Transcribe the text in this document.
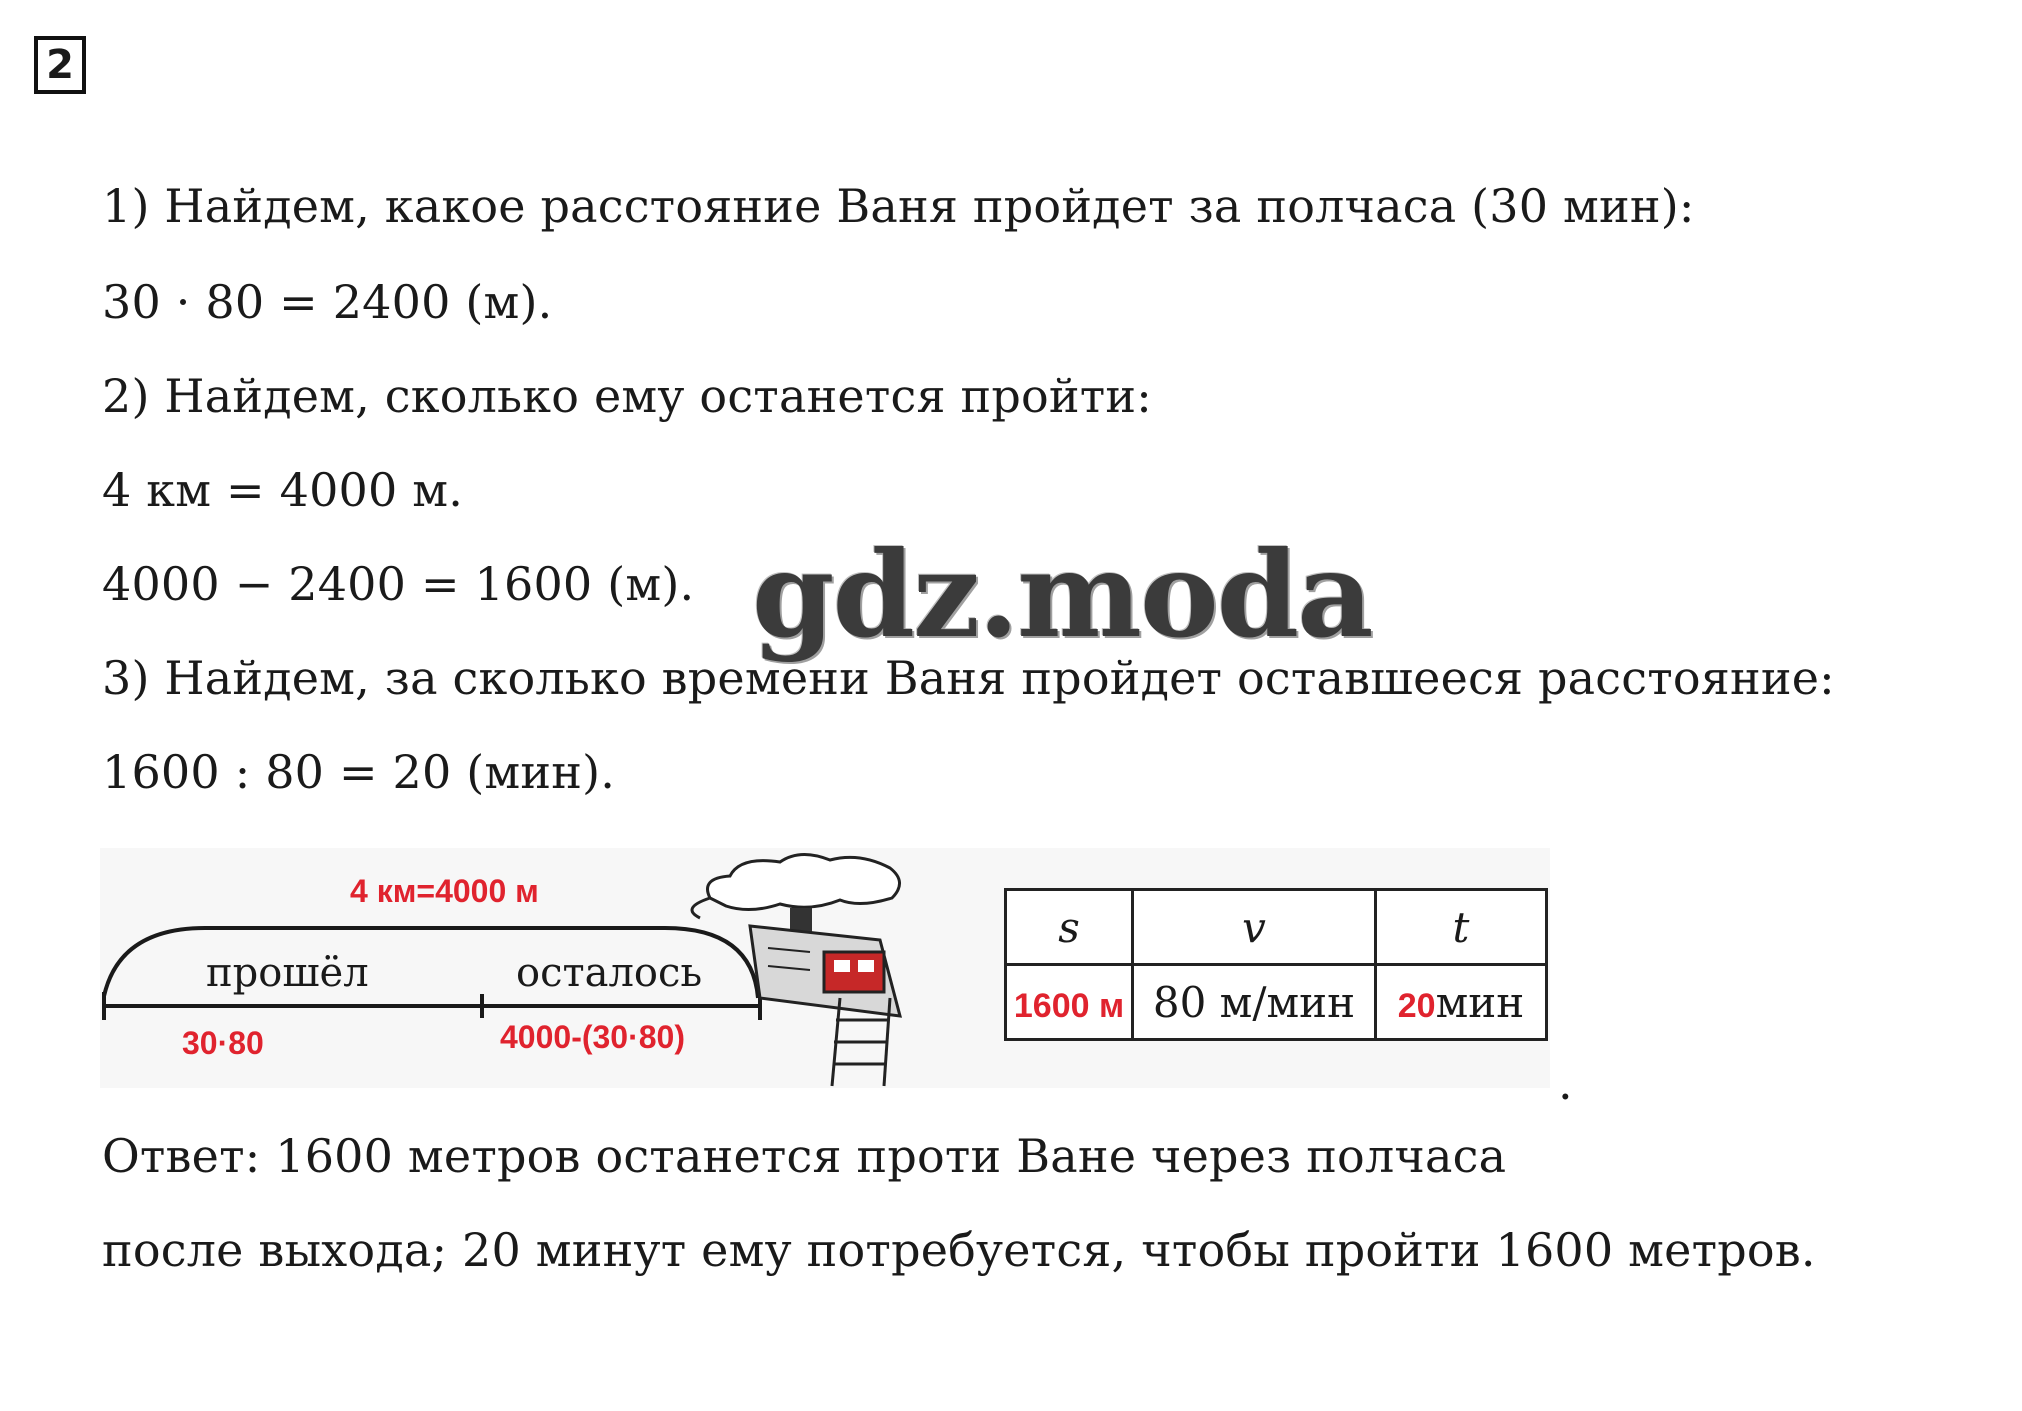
2
1) Найдем, какое расстояние Ваня пройдет за полчаса (30 мин):
30 · 80 = 2400 (м).
2) Найдем, сколько ему останется пройти:
4 км = 4000 м.
4000 − 2400 = 1600 (м).
3) Найдем, за сколько времени Ваня пройдет оставшееся расстояние:
1600 : 80 = 20 (мин).
gdz.moda
4 км=4000 м
прошёл	осталось
30·80	4000-(30·80)
s	v	t
1600 м	80 м/мин	20мин
.
Ответ: 1600 метров останется проти Ване через полчаса
после выхода; 20 минут ему потребуется, чтобы пройти 1600 метров.
